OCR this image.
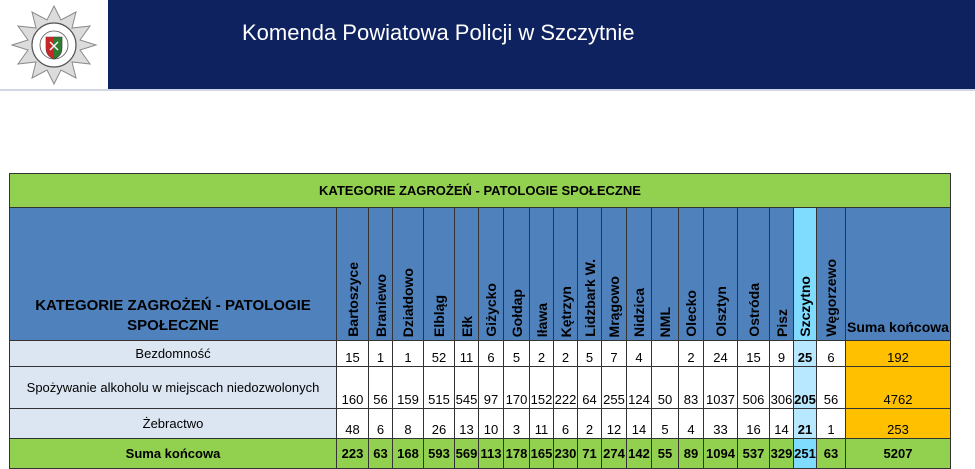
Komenda Powiatowa Policji w Szczytnie
KATEGORIE ZAGROŻEŃ - PATOLOGIE SPOŁECZNE																				
KATEGORIE ZAGROŻEŃ - PATOLOGIE SPOŁECZNE	Bartoszyce	Braniewo	Działdowo	Elbląg	Ełk	Giżycko	Gołdap	Iława	Kętrzyn	Lidzbark W.	Mrągowo	Nidzica	NML	Olecko	Olsztyn	Ostróda	Pisz	Szczytno	Węgorzewo	Suma końcowa
Bezdomność	15	1	1	52	11	6	5	2	2	5	7	4		2	24	15	9	25	6	192
Spożywanie alkoholu w miejscach niedozwolonych	160	56	159	515	545	97	170	152	222	64	255	124	50	83	1037	506	306	205	56	4762
Żebractwo	48	6	8	26	13	10	3	11	6	2	12	14	5	4	33	16	14	21	1	253
Suma końcowa	223	63	168	593	569	113	178	165	230	71	274	142	55	89	1094	537	329	251	63	5207
